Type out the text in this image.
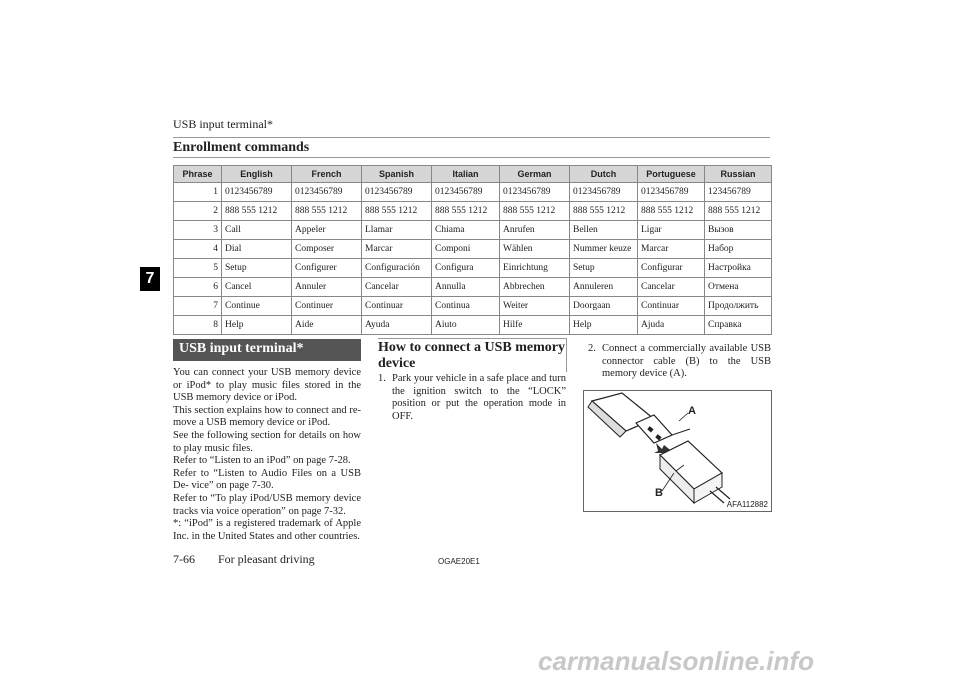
USB input terminal*
Enrollment commands
7
Phrase	English	French	Spanish	Italian	German	Dutch	Portuguese	Russian
1	0123456789	0123456789	0123456789	0123456789	0123456789	0123456789	0123456789	123456789
2	888 555 1212	888 555 1212	888 555 1212	888 555 1212	888 555 1212	888 555 1212	888 555 1212	888 555 1212
3	Call	Appeler	Llamar	Chiama	Anrufen	Bellen	Ligar	Вызов
4	Dial	Composer	Marcar	Componi	Wählen	Nummer keuze	Marcar	Набор
5	Setup	Configurer	Configuración	Configura	Einrichtung	Setup	Configurar	Настройка
6	Cancel	Annuler	Cancelar	Annulla	Abbrechen	Annuleren	Cancelar	Отмена
7	Continue	Continuer	Continuar	Continua	Weiter	Doorgaan	Continuar	Продолжить
8	Help	Aide	Ayuda	Aiuto	Hilfe	Help	Ajuda	Справка
USB input terminal*

You can connect your USB memory device or iPod* to play music files stored in the USB memory device or iPod.

This section explains how to connect and re- move a USB memory device or iPod.

See the following section for details on how to play music files.

Refer to “Listen to an iPod” on page 7-28.

Refer to “Listen to Audio Files on a USB De- vice” on page 7-30.

Refer to “To play iPod/USB memory device tracks via voice operation” on page 7-32.

*: “iPod” is a registered trademark of Apple Inc. in the United States and other countries.

How to connect a USB memory device
1. Park your vehicle in a safe place and turn the ignition switch to the “LOCK” position or put the operation mode in OFF.
2. Connect a commercially available USB connector cable (B) to the USB memory device (A).
A
B
AFA112882
7-66 For pleasant driving	OGAE20E1
carmanualsonline.info
